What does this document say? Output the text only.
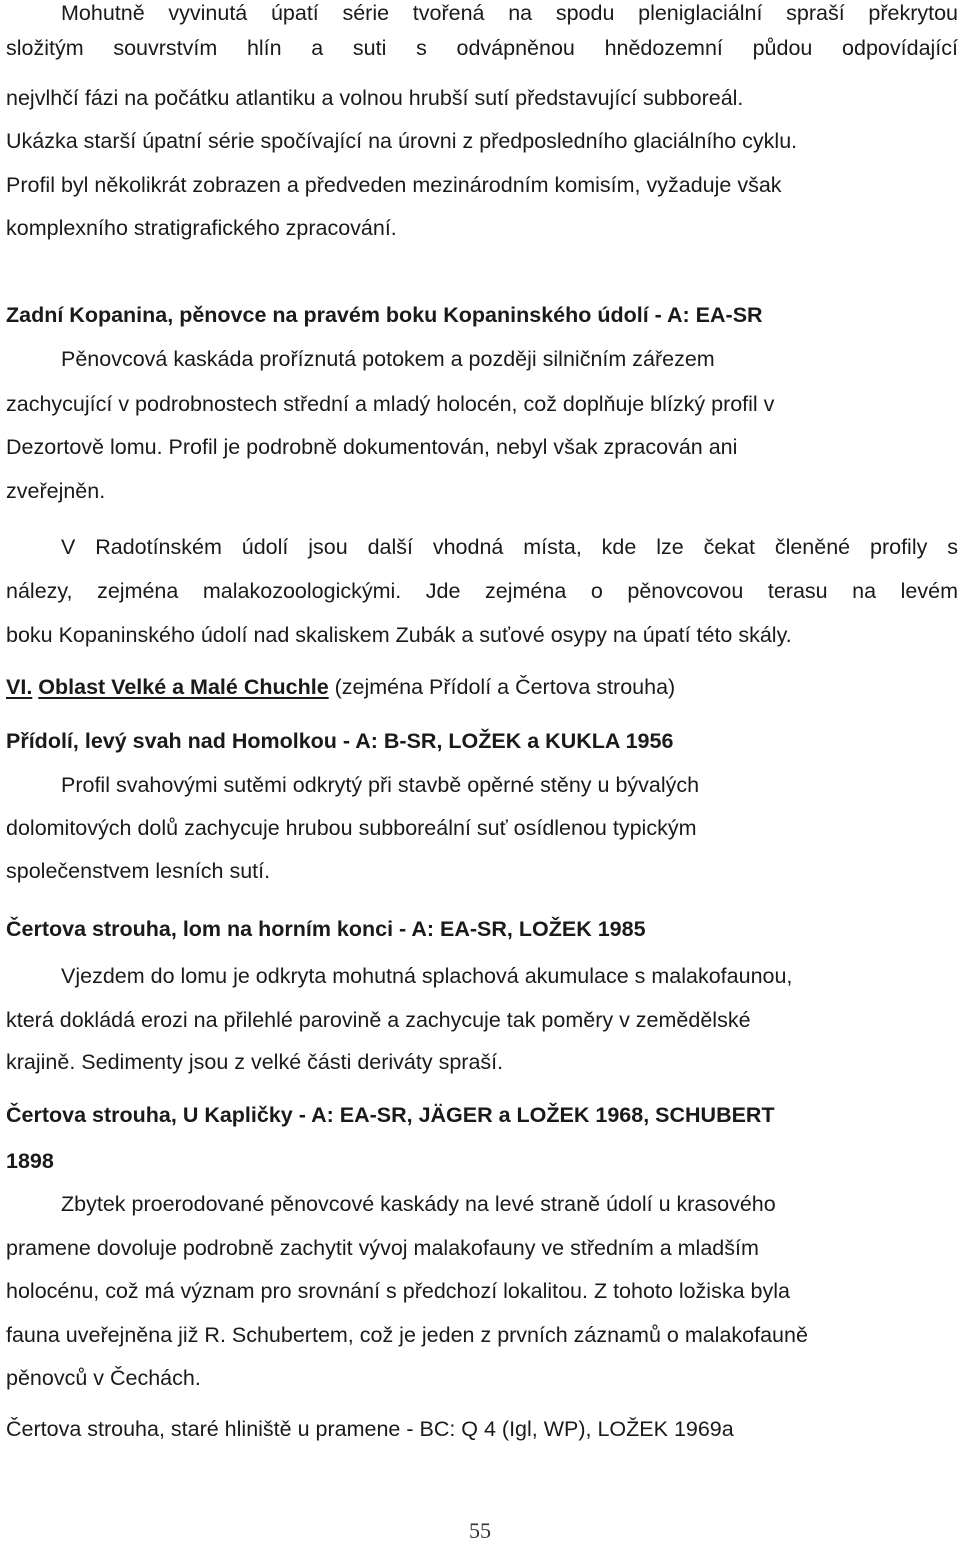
Mohutně vyvinutá úpatí série tvořená na spodu pleniglaciální spraší překrytou
složitým souvrstvím hlín a suti s odvápněnou hnědozemní půdou odpovídající
nejvlhčí fázi na počátku atlantiku a volnou hrubší sutí představující subboreál.
Ukázka starší úpatní série spočívající na úrovni z předposledního glaciálního cyklu.
Profil byl několikrát zobrazen a předveden mezinárodním komisím, vyžaduje však
komplexního stratigrafického zpracování.
Zadní Kopanina, pěnovce na pravém boku Kopaninského údolí - A: EA-SR
Pěnovcová kaskáda proříznutá potokem a později silničním zářezem
zachycující v podrobnostech střední a mladý holocén, což doplňuje blízký profil v
Dezortově lomu. Profil je podrobně dokumentován, nebyl však zpracován ani
zveřejněn.
V Radotínském údolí jsou další vhodná místa, kde lze čekat členěné profily s
nálezy, zejména malakozoologickými. Jde zejména o pěnovcovou terasu na levém
boku Kopaninského údolí nad skaliskem Zubák a suťové osypy na úpatí této skály.
VI. Oblast Velké a Malé Chuchle (zejména Přídolí a Čertova strouha)
Přídolí, levý svah nad Homolkou - A: B-SR, LOŽEK a KUKLA 1956
Profil svahovými sutěmi odkrytý při stavbě opěrné stěny u bývalých
dolomitových dolů zachycuje hrubou subboreální suť osídlenou typickým
společenstvem lesních sutí.
Čertova strouha, lom na horním konci - A: EA-SR, LOŽEK 1985
Vjezdem do lomu je odkryta mohutná splachová akumulace s malakofaunou,
která dokládá erozi na přilehlé parovině a zachycuje tak poměry v zemědělské
krajině. Sedimenty jsou z velké části deriváty spraší.
Čertova strouha, U Kapličky - A: EA-SR, JÄGER a LOŽEK 1968, SCHUBERT
1898
Zbytek proerodované pěnovcové kaskády na levé straně údolí u krasového
pramene dovoluje podrobně zachytit vývoj malakofauny ve středním a mladším
holocénu, což má význam pro srovnání s předchozí lokalitou. Z tohoto ložiska byla
fauna uveřejněna již R. Schubertem, což je jeden z prvních záznamů o malakofauně
pěnovců v Čechách.
Čertova strouha, staré hliniště u pramene - BC: Q 4 (Igl, WP), LOŽEK 1969a
55
